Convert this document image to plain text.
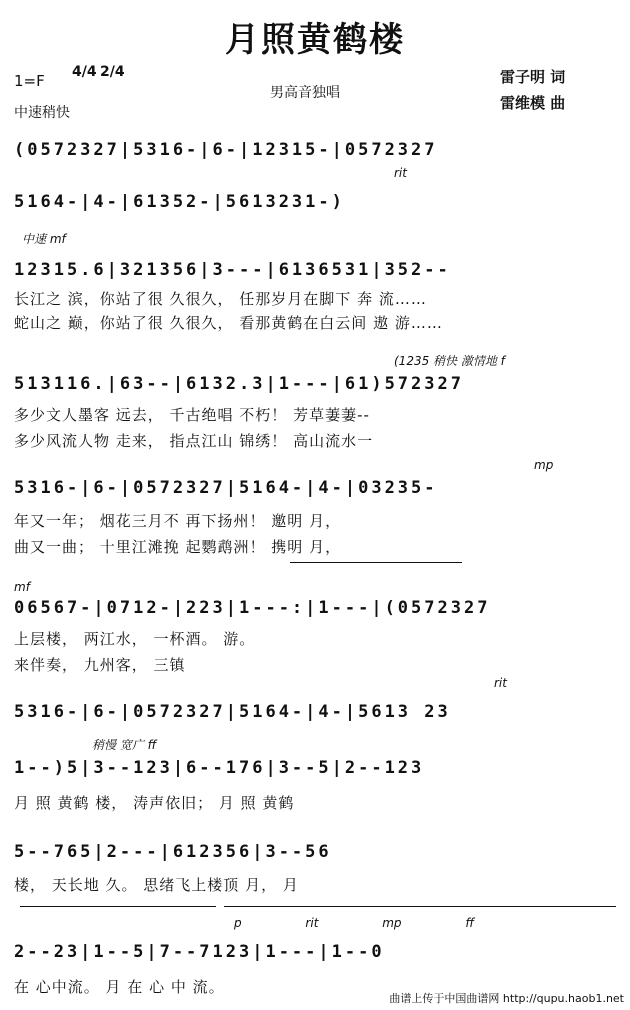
月照黄鹤楼
1=F 4/4 2/4
中速稍快
男高音独唱
雷子明 词
雷维模 曲
(0572327|5316-|6-|12315-|0572327
rit
5164-|4-|61352-|5613231-)
中速 mf
12315.6|321356|3---|6136531|352--
长江之 滨，你站了很 久很久， 任那岁月在脚下 奔 流……
蛇山之 巅，你站了很 久很久， 看那黄鹤在白云间 遨 游……
(1235 稍快 激情地 f
513116.|63--|6132.3|1---|61)572327
多少文人墨客 远去， 千古绝唱 不朽！ 芳草萋萋--
多少风流人物 走来， 指点江山 锦绣！ 高山流水一
mp
5316-|6-|0572327|5164-|4-|03235-
年又一年； 烟花三月不 再下扬州！ 邀明 月，
曲又一曲； 十里江滩挽 起鹦鹉洲！ 携明 月，
mf
06567-|0712-|223|1---:|1---|(0572327
上层楼， 两江水， 一杯酒。 游。
来伴奏， 九州客， 三镇
rit
5316-|6-|0572327|5164-|4-|5613 23
稍慢 宽广 ff
1--)5|3--123|6--176|3--5|2--123
月 照 黄鹤 楼， 涛声依旧； 月 照 黄鹤
5--765|2---|612356|3--56
楼， 天长地 久。 思绪飞上楼顶 月， 月
p rit mp ff
2--23|1--5|7--7123|1---|1--0
在 心中流。 月 在 心 中 流。
曲谱上传于中国曲谱网 http://qupu.haob1.net
